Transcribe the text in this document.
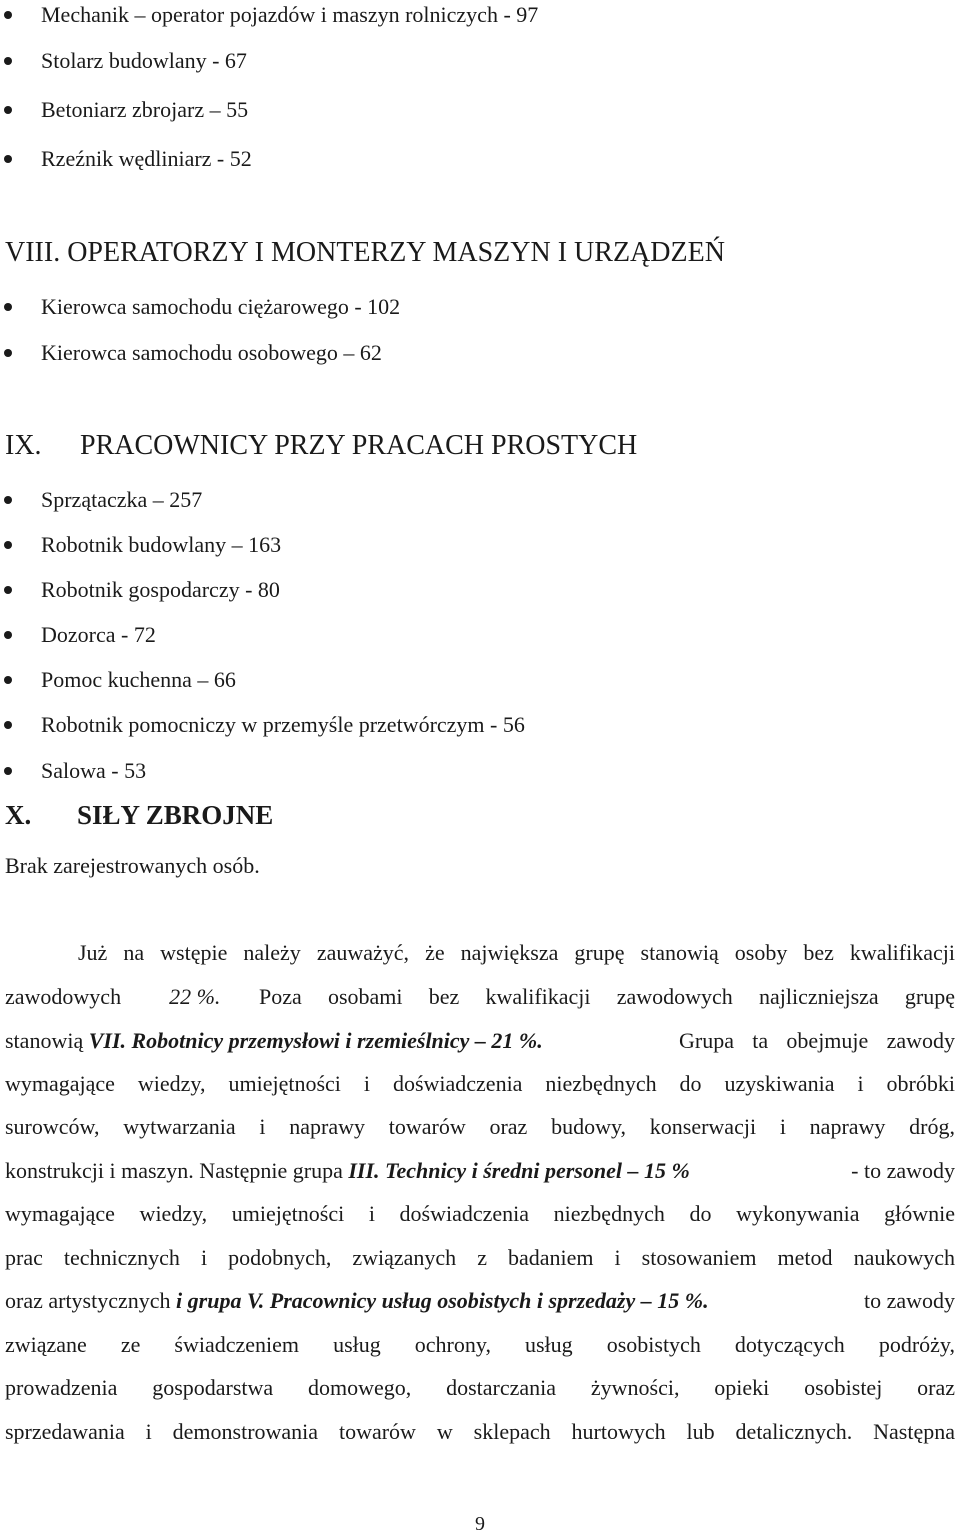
Mechanik – operator pojazdów i maszyn rolniczych - 97
Stolarz budowlany - 67
Betoniarz zbrojarz – 55
Rzeźnik wędliniarz - 52
VIII. OPERATORZY I MONTERZY MASZYN I URZĄDZEŃ
Kierowca samochodu ciężarowego - 102
Kierowca samochodu osobowego – 62
IX. PRACOWNICY PRZY PRACACH PROSTYCH
Sprzątaczka – 257
Robotnik budowlany – 163
Robotnik gospodarczy - 80
Dozorca - 72
Pomoc kuchenna – 66
Robotnik pomocniczy w przemyśle przetwórczym - 56
Salowa - 53
X. SIŁY ZBROJNE
Brak zarejestrowanych osób.
Już na wstępie należy zauważyć, że największa grupę stanowią osoby bez kwalifikacji
zawodowych 22 %. Poza osobami bez kwalifikacji zawodowych najliczniejsza grupę
stanowią VII. Robotnicy przemysłowi i rzemieślnicy – 21 %.	Grupa ta obejmuje zawody
wymagające wiedzy, umiejętności i doświadczenia niezbędnych do uzyskiwania i obróbki
surowców, wytwarzania i naprawy towarów oraz budowy, konserwacji i naprawy dróg,
konstrukcji i maszyn. Następnie grupa III. Technicy i średni personel – 15 %	- to zawody
wymagające wiedzy, umiejętności i doświadczenia niezbędnych do wykonywania głównie
prac technicznych i podobnych, związanych z badaniem i stosowaniem metod naukowych
oraz artystycznych i grupa V. Pracownicy usług osobistych i sprzedaży – 15 %.	to zawody
związane ze świadczeniem usług ochrony, usług osobistych dotyczących podróży,
prowadzenia gospodarstwa domowego, dostarczania żywności, opieki osobistej oraz
sprzedawania i demonstrowania towarów w sklepach hurtowych lub detalicznych. Następna
9
